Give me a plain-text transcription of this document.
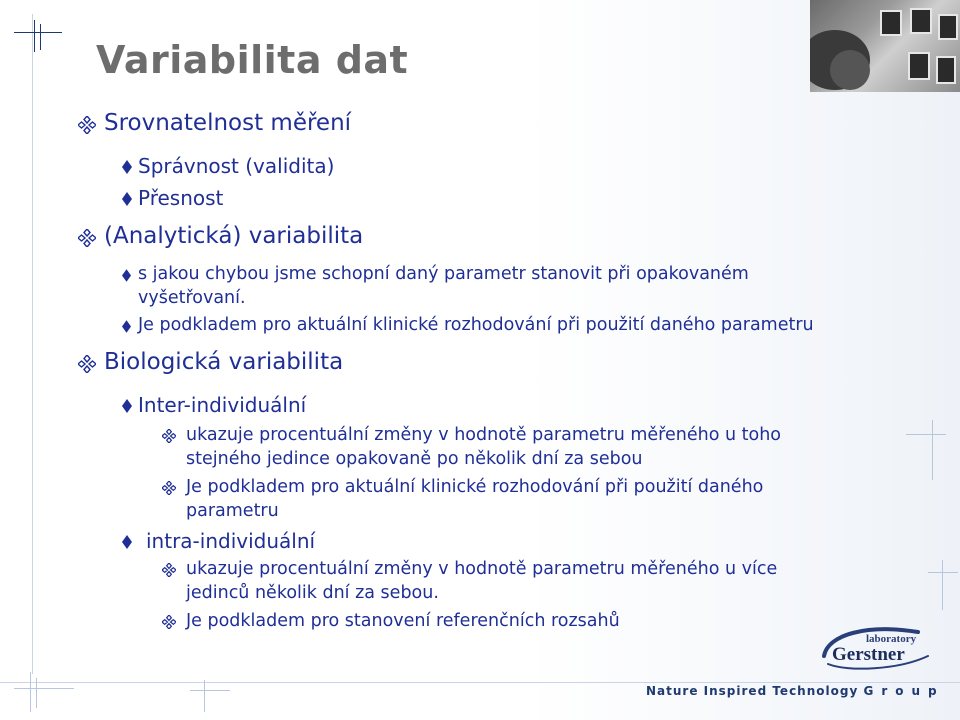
Variabilita dat
Srovnatelnost měření
Správnost (validita)
Přesnost
(Analytická) variabilita
s jakou chybou jsme schopní daný parametr stanovit při opakovaném
vyšetřovaní.
Je podkladem pro aktuální klinické rozhodování při použití daného parametru
Biologická variabilita
Inter-individuální
ukazuje procentuální změny v hodnotě parametru měřeného u toho
stejného jedince opakovaně po několik dní za sebou
Je podkladem pro aktuální klinické rozhodování při použití daného
parametru
intra-individuální
ukazuje procentuální změny v hodnotě parametru měřeného u více
jedinců několik dní za sebou.
Je podkladem pro stanovení referenčních rozsahů
laboratory
Gerstner
Nature Inspired Technology Group
